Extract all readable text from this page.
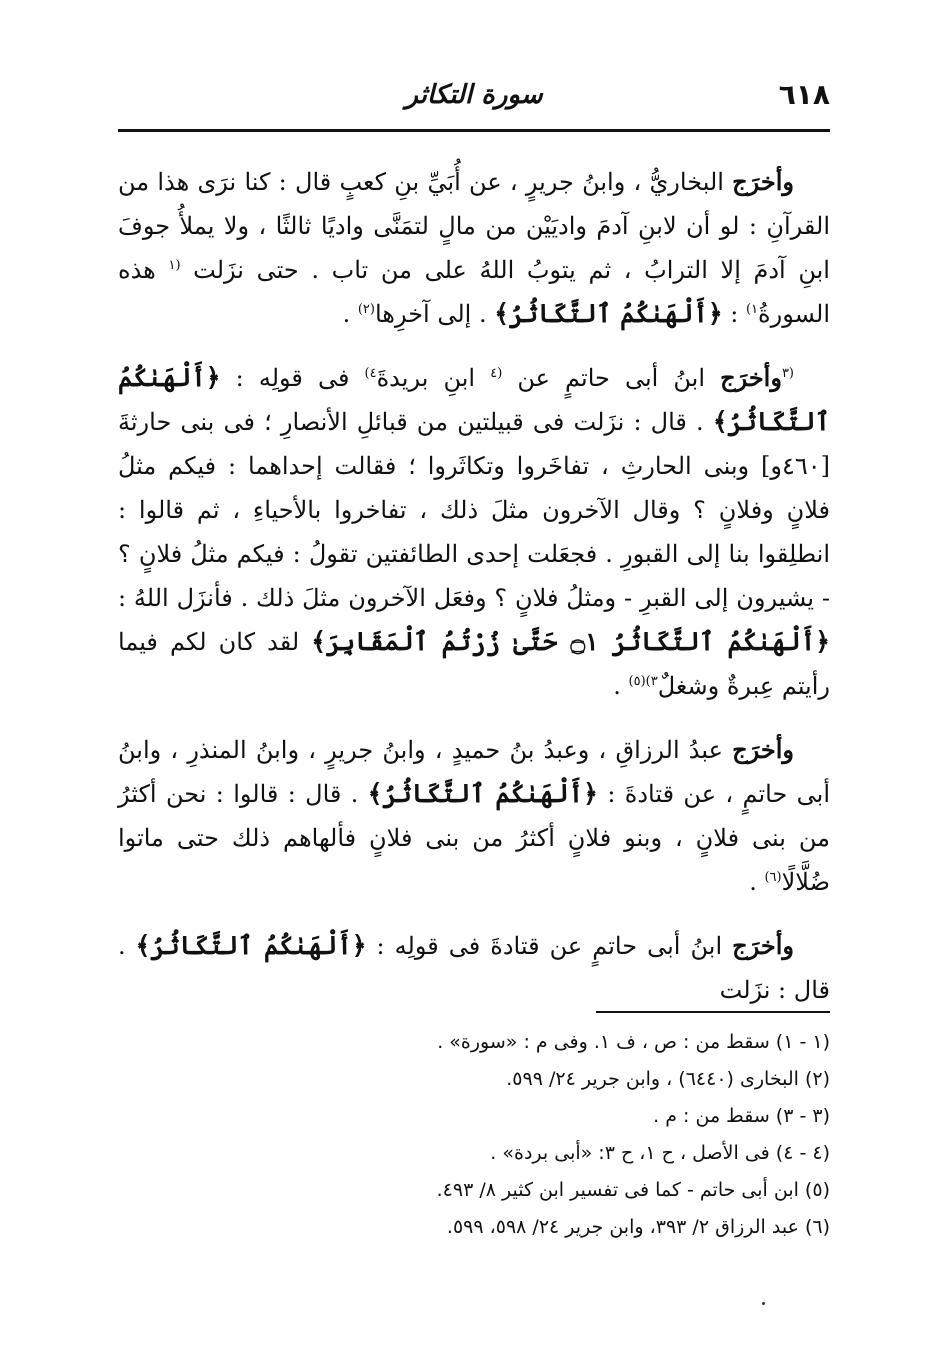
٦١٨
سورة التكاثر

وأخرَج البخاريُّ ، وابنُ جريرٍ ، عن أُبَيِّ بنِ كعبٍ قال : كنا نرَى هذا من القرآنِ : لو أن لابنِ آدمَ واديَيْن من مالٍ لتمَنَّى واديًا ثالثًا ، ولا يملأُ جوفَ ابنِ آدمَ إلا الترابُ ، ثم يتوبُ اللهُ على من تاب . حتى نزَلت $^{(١}$ هذه السورةُ$^{١)}$ : ﴿أَلْهَىٰكُمُ ٱلتَّكَاثُرُ﴾ . إلى آخرِها$^{(٢)}$ .

$^{(٣}$وأخرَج ابنُ أبى حاتمٍ عن $^{(٤}$ ابنِ بريدةَ$^{٤)}$ فى قولِه : ﴿أَلْهَىٰكُمُ ٱلتَّكَاثُرُ﴾ . قال : نزَلت فى قبيلتين من قبائلِ الأنصارِ ؛ فى بنى حارثةَ [٤٦٠و] وبنى الحارثِ ، تفاخَروا وتكاثَروا ؛ فقالت إحداهما : فيكم مثلُ فلانٍ وفلانٍ ؟ وقال الآخرون مثلَ ذلك ، تفاخروا بالأحياءِ ، ثم قالوا : انطلِقوا بنا إلى القبورِ . فجعَلت إحدى الطائفتين تقولُ : فيكم مثلُ فلانٍ ؟ - يشيرون إلى القبرِ - ومثلُ فلانٍ ؟ وفعَل الآخرون مثلَ ذلك . فأنزَل اللهُ : ﴿أَلْهَىٰكُمُ ٱلتَّكَاثُرُ ۝١ حَتَّىٰ زُرْتُمُ ٱلْمَقَابِرَ﴾ لقد كان لكم فيما رأيتم عِبرةٌ وشغلٌ$^{٣)(٥)}$ .

وأخرَج عبدُ الرزاقِ ، وعبدُ بنُ حميدٍ ، وابنُ جريرٍ ، وابنُ المنذرِ ، وابنُ أبى حاتمٍ ، عن قتادةَ : ﴿أَلْهَىٰكُمُ ٱلتَّكَاثُرُ﴾ . قال : قالوا : نحن أكثرُ من بنى فلانٍ ، وبنو فلانٍ أكثرُ من بنى فلانٍ فألهاهم ذلك حتى ماتوا ضُلَّالًا$^{(٦)}$ .

وأخرَج ابنُ أبى حاتمٍ عن قتادةَ فى قولِه : ﴿أَلْهَىٰكُمُ ٱلتَّكَاثُرُ﴾ . قال : نزَلت

(١ - ١) سقط من : ص ، ف ١. وفى م : «سورة» .
(٢) البخارى (٦٤٤٠) ، وابن جرير ٢٤/ ٥٩٩.
(٣ - ٣) سقط من : م .
(٤ - ٤) فى الأصل ، ح ١، ح ٣: «أبى بردة» .
(٥) ابن أبى حاتم - كما فى تفسير ابن كثير ٨/ ٤٩٣.
(٦) عبد الرزاق ٢/ ٣٩٣، وابن جرير ٢٤/ ٥٩٨، ٥٩٩.
